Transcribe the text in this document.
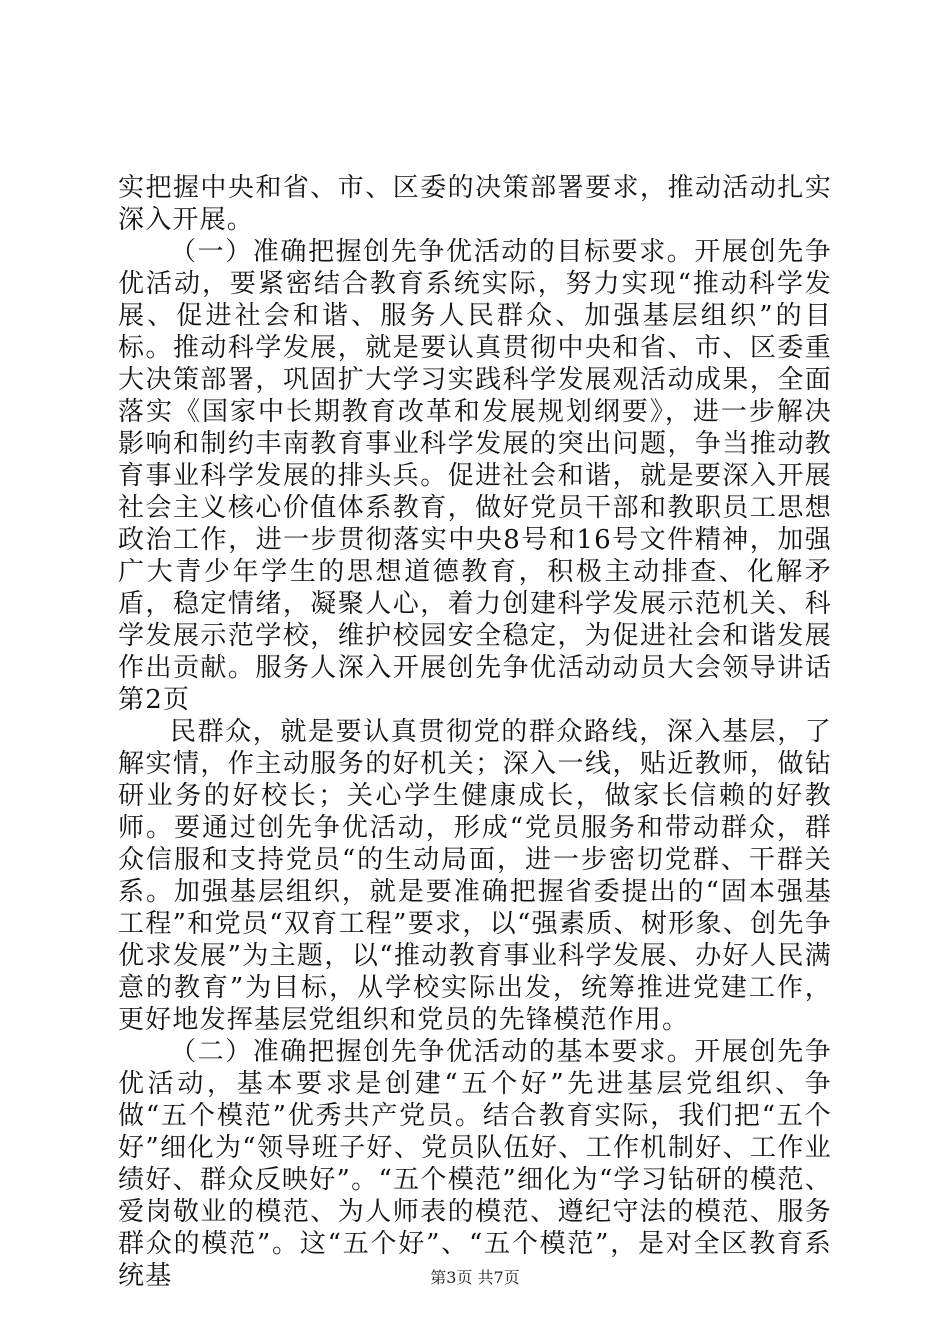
实把握中央和省、市、区委的决策部署要求，推动活动扎实深入开展。

（一）准确把握创先争优活动的目标要求。开展创先争优活动，要紧密结合教育系统实际，努力实现“推动科学发展、促进社会和谐、服务人民群众、加强基层组织”的目标。推动科学发展，就是要认真贯彻中央和省、市、区委重大决策部署，巩固扩大学习实践科学发展观活动成果，全面落实《国家中长期教育改革和发展规划纲要》，进一步解决影响和制约丰南教育事业科学发展的突出问题，争当推动教育事业科学发展的排头兵。促进社会和谐，就是要深入开展社会主义核心价值体系教育，做好党员干部和教职员工思想政治工作，进一步贯彻落实中央8号和16号文件精神，加强广大青少年学生的思想道德教育，积极主动排查、化解矛盾，稳定情绪，凝聚人心，着力创建科学发展示范机关、科学发展示范学校，维护校园安全稳定，为促进社会和谐发展作出贡献。服务人深入开展创先争优活动动员大会领导讲话第2页

民群众，就是要认真贯彻党的群众路线，深入基层，了解实情，作主动服务的好机关；深入一线，贴近教师，做钻研业务的好校长；关心学生健康成长，做家长信赖的好教师。要通过创先争优活动，形成“党员服务和带动群众，群众信服和支持党员“的生动局面，进一步密切党群、干群关系。加强基层组织，就是要准确把握省委提出的“固本强基工程”和党员“双育工程”要求，以“强素质、树形象、创先争优求发展”为主题，以“推动教育事业科学发展、办好人民满意的教育”为目标，从学校实际出发，统筹推进党建工作，更好地发挥基层党组织和党员的先锋模范作用。

（二）准确把握创先争优活动的基本要求。开展创先争优活动，基本要求是创建“五个好”先进基层党组织、争做“五个模范”优秀共产党员。结合教育实际，我们把“五个好”细化为“领导班子好、党员队伍好、工作机制好、工作业绩好、群众反映好”。“五个模范”细化为“学习钻研的模范、爱岗敬业的模范、为人师表的模范、遵纪守法的模范、服务群众的模范”。这“五个好”、“五个模范”，是对全区教育系统基	第3页 共7页
